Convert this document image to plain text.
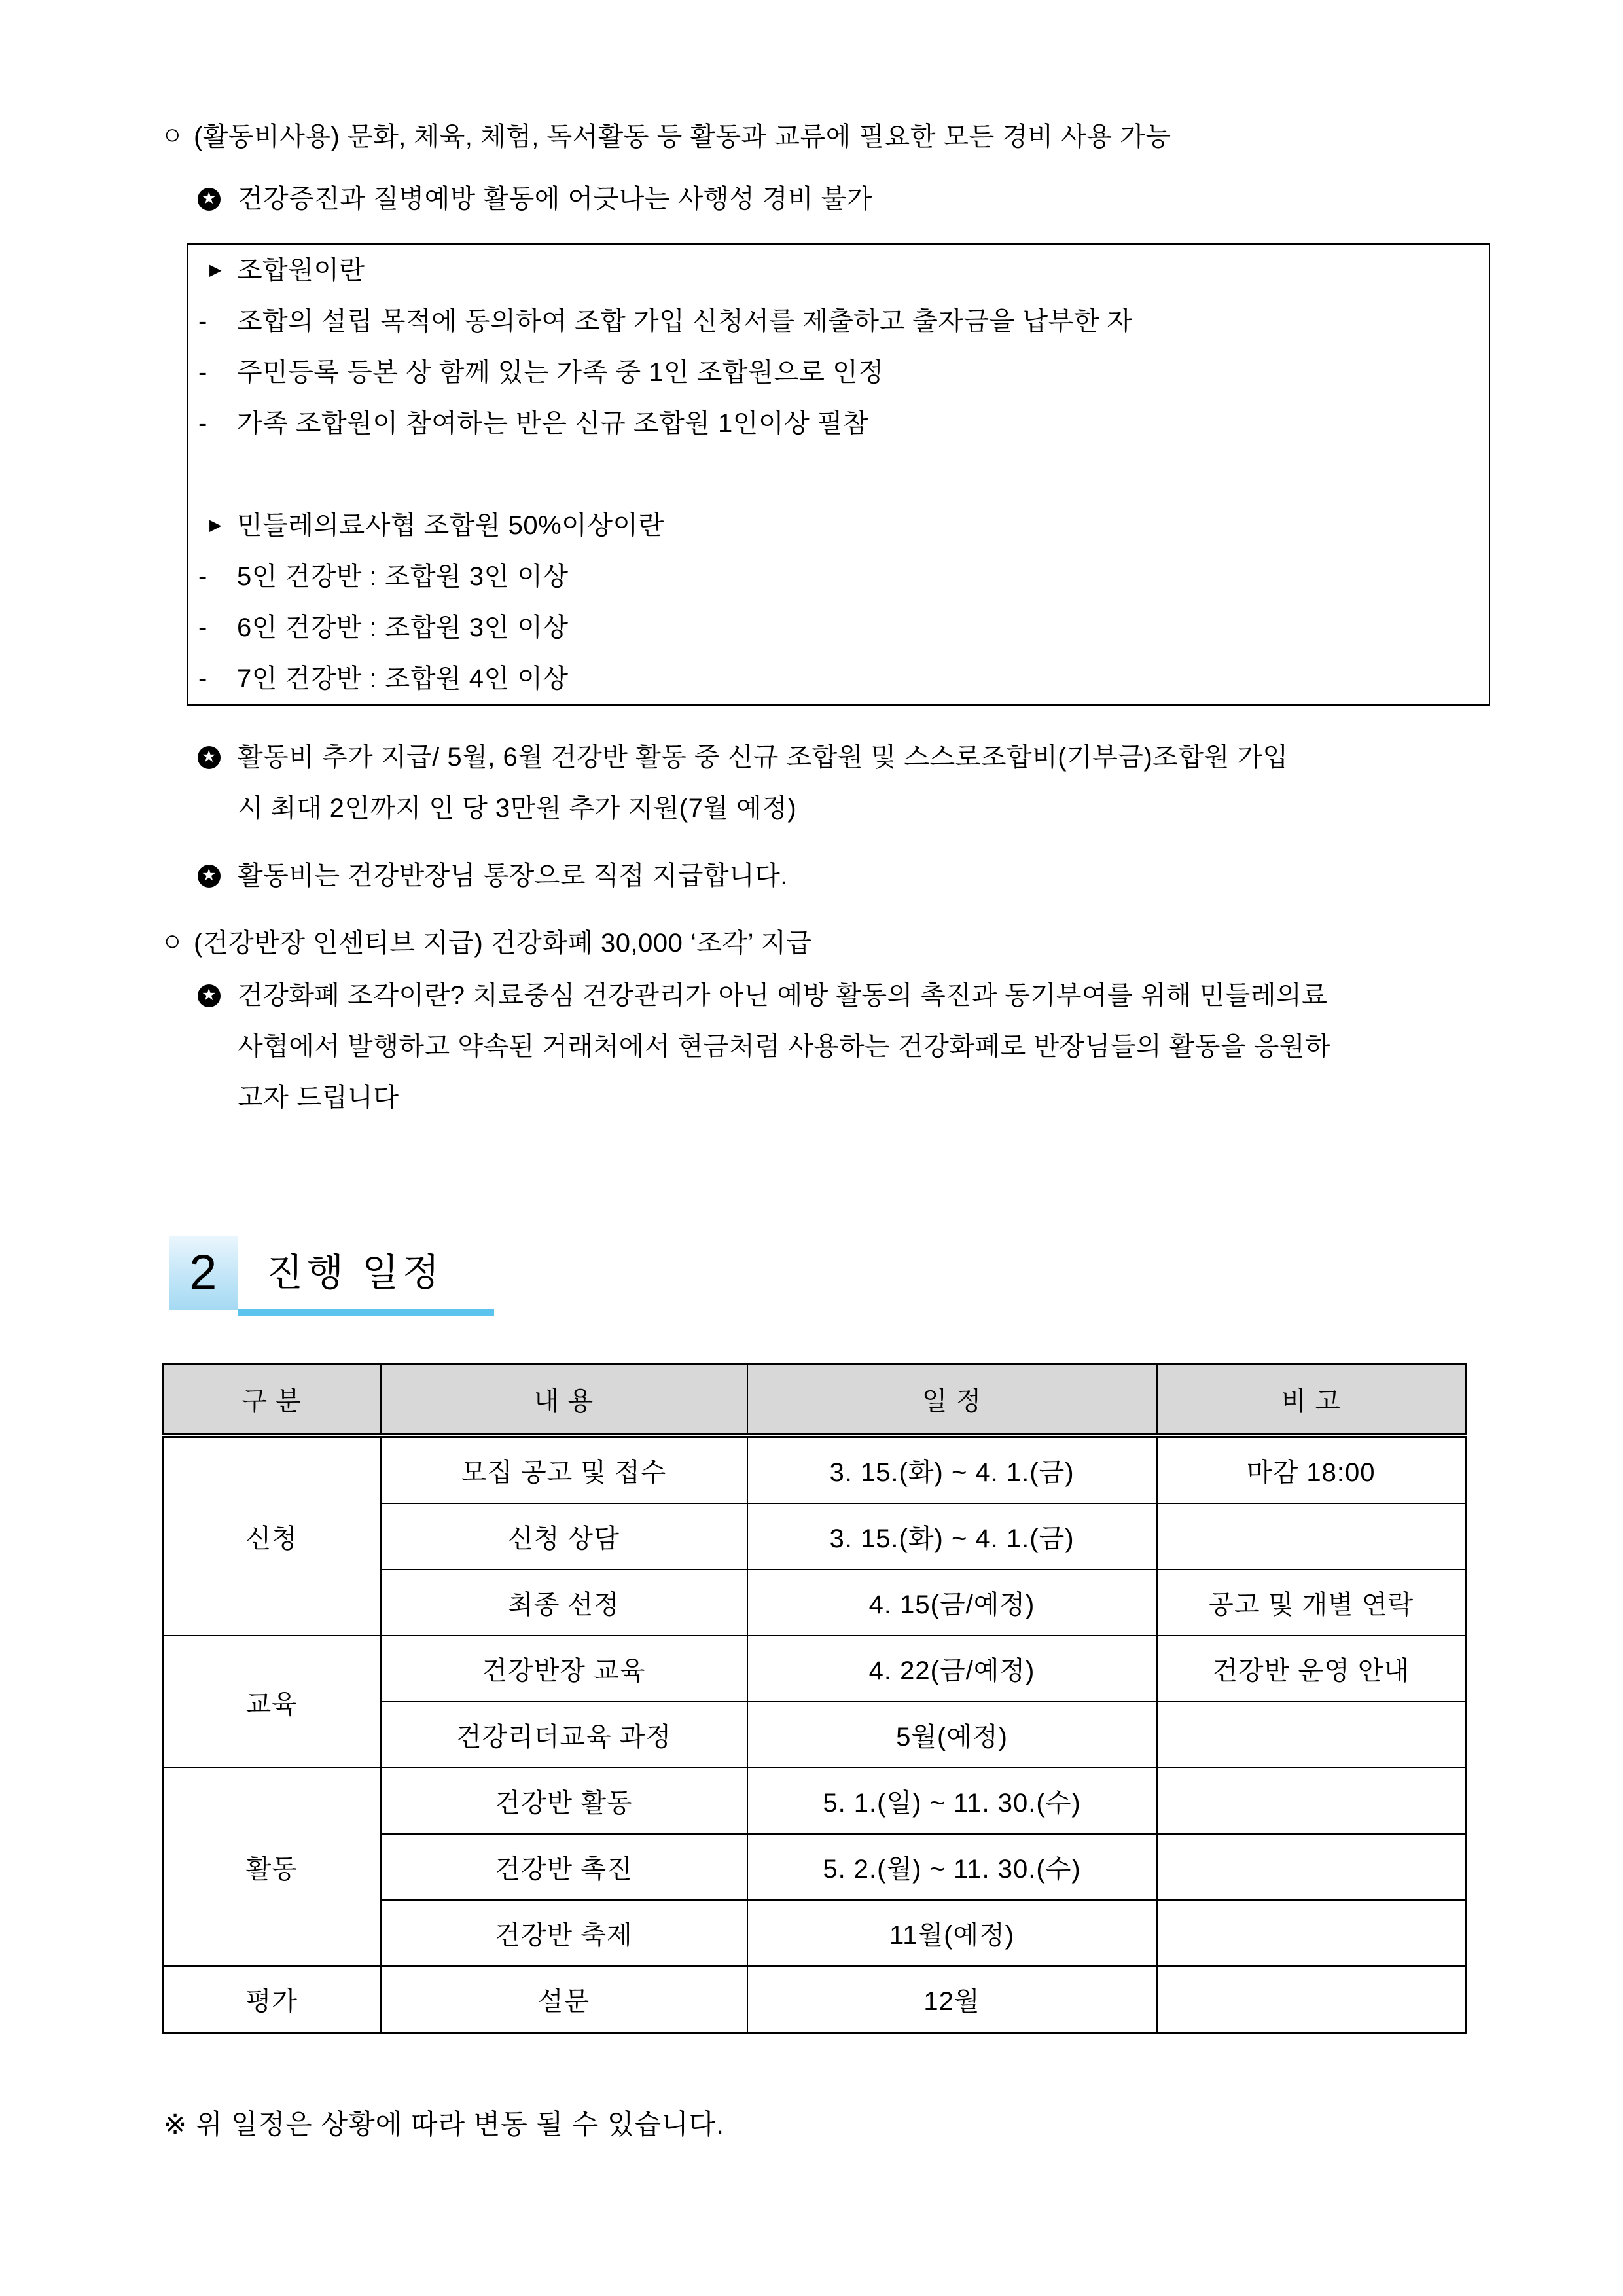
○ (활동비사용) 문화, 체육, 체험, 독서활동 등 활동과 교류에 필요한 모든 경비 사용 가능
★ 건강증진과 질병예방 활동에 어긋나는 사행성 경비 불가
▶ 조합원이란
- 조합의 설립 목적에 동의하여 조합 가입 신청서를 제출하고 출자금을 납부한 자
- 주민등록 등본 상 함께 있는 가족 중 1인 조합원으로 인정
- 가족 조합원이 참여하는 반은 신규 조합원 1인이상 필참
▶ 민들레의료사협 조합원 50%이상이란
- 5인 건강반 : 조합원 3인 이상
- 6인 건강반 : 조합원 3인 이상
- 7인 건강반 : 조합원 4인 이상
★ 활동비 추가 지급/ 5월, 6월 건강반 활동 중 신규 조합원 및 스스로조합비(기부금)조합원 가입
시 최대 2인까지 인 당 3만원 추가 지원(7월 예정)
★ 활동비는 건강반장님 통장으로 직접 지급합니다.
○ (건강반장 인센티브 지급) 건강화폐 30,000 ‘조각’ 지급
★ 건강화폐 조각이란? 치료중심 건강관리가 아닌 예방 활동의 촉진과 동기부여를 위해 민들레의료
사협에서 발행하고 약속된 거래처에서 현금처럼 사용하는 건강화폐로 반장님들의 활동을 응원하
고자 드립니다
2	진행 일정
구 분	내 용	일 정	비 고
신청	모집 공고 및 접수	3. 15.(화) ~ 4. 1.(금)	마감 18:00
	신청 상담	3. 15.(화) ~ 4. 1.(금)	
	최종 선정	4. 15(금/예정)	공고 및 개별 연락
교육	건강반장 교육	4. 22(금/예정)	건강반 운영 안내
	건강리더교육 과정	5월(예정)	
활동	건강반 활동	5. 1.(일) ~ 11. 30.(수)	
	건강반 촉진	5. 2.(월) ~ 11. 30.(수)	
	건강반 축제	11월(예정)	
평가	설문	12월	
※ 위 일정은 상황에 따라 변동 될 수 있습니다.
